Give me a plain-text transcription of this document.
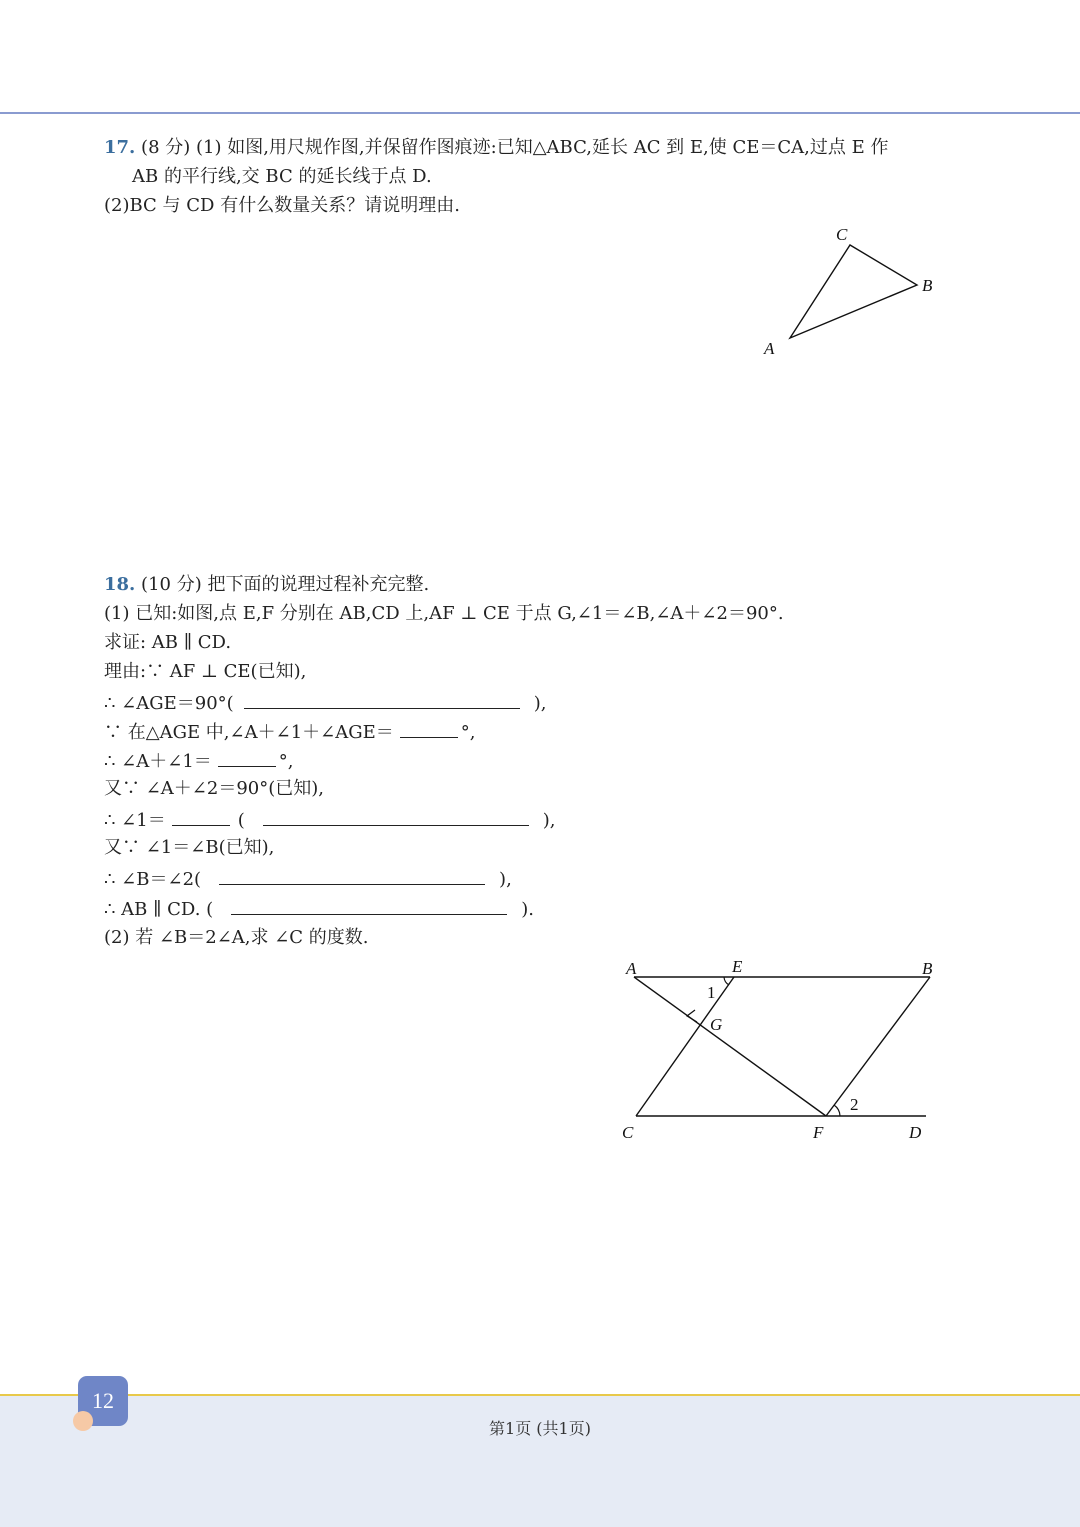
17. (8 分) (1) 如图,用尺规作图,并保留作图痕迹:已知△ABC,延长 AC 到 E,使 CE＝CA,过点 E 作
AB 的平行线,交 BC 的延长线于点 D.
(2)BC 与 CD 有什么数量关系？请说明理由.
C
B
A
18. (10 分) 把下面的说理过程补充完整.
(1) 已知:如图,点 E,F 分别在 AB,CD 上,AF ⊥ CE 于点 G,∠1＝∠B,∠A＋∠2＝90°.
求证: AB ∥ CD.
理由:∵ AF ⊥ CE(已知),
∴ ∠AGE＝90°(	),
∵ 在△AGE 中,∠A＋∠1＋∠AGE＝	°,
∴ ∠A＋∠1＝	°,
又∵ ∠A＋∠2＝90°(已知),
∴ ∠1＝	(	),
又∵ ∠1＝∠B(已知),
∴ ∠B＝∠2(	),
∴ AB ∥ CD. (	).
(2) 若 ∠B＝2∠A,求 ∠C 的度数.
A	E	B
G
1
2
C	F	D
12
第1页 (共1页)
